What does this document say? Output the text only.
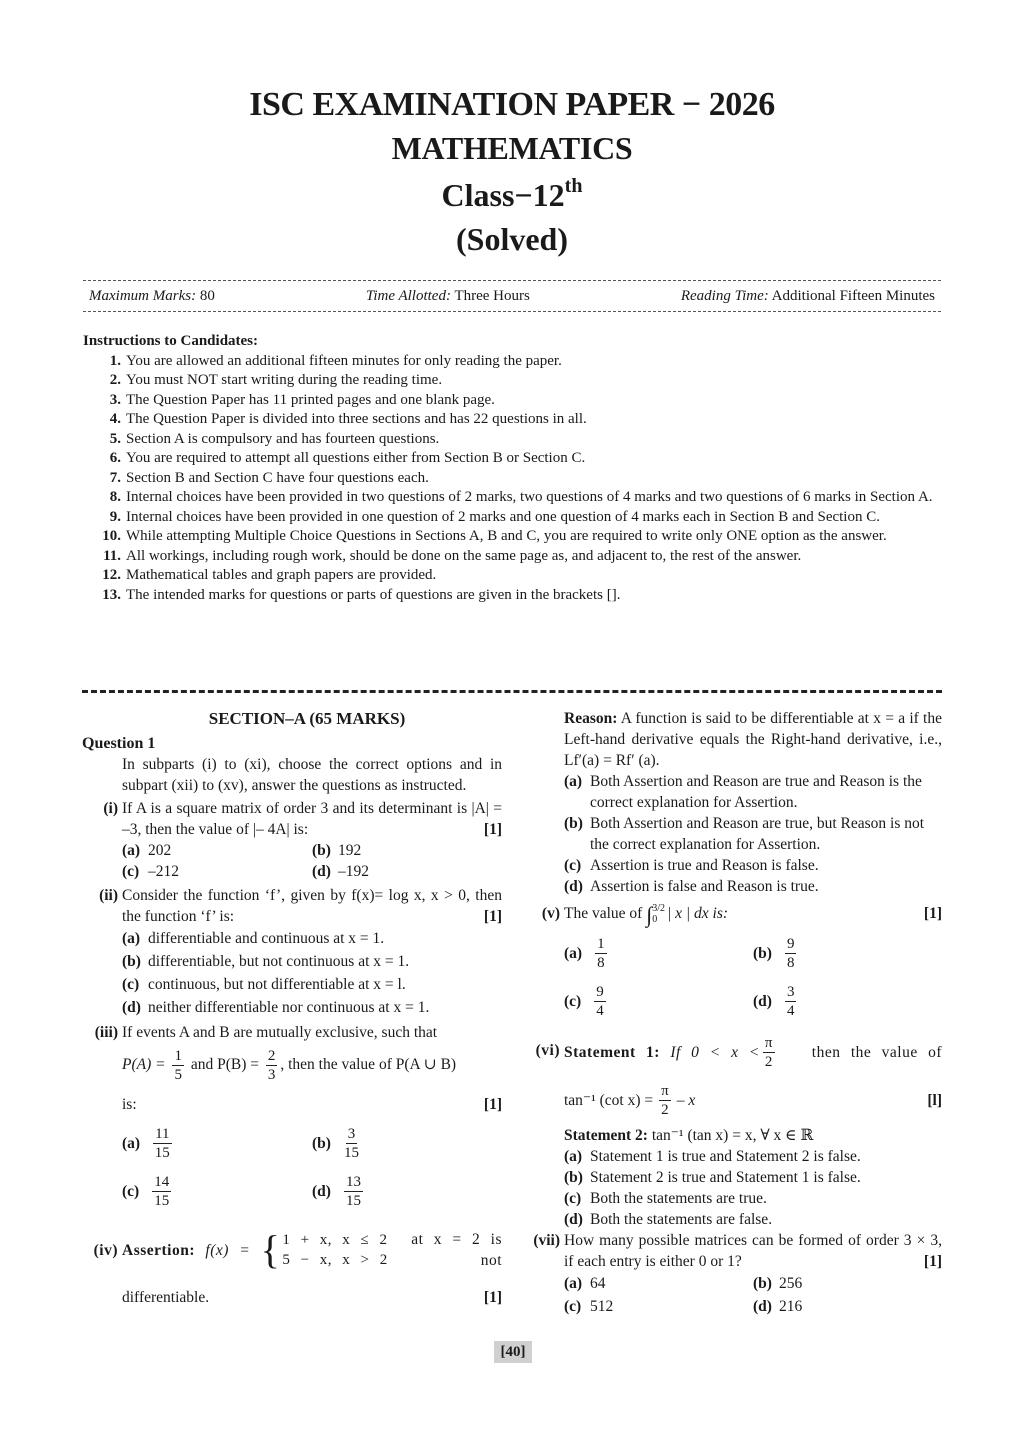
ISC EXAMINATION PAPER − 2026
MATHEMATICS
Class−12th
(Solved)
Maximum Marks: 80	Time Allotted: Three Hours	Reading Time: Additional Fifteen Minutes
Instructions to Candidates:
1. You are allowed an additional fifteen minutes for only reading the paper.
2. You must NOT start writing during the reading time.
3. The Question Paper has 11 printed pages and one blank page.
4. The Question Paper is divided into three sections and has 22 questions in all.
5. Section A is compulsory and has fourteen questions.
6. You are required to attempt all questions either from Section B or Section C.
7. Section B and Section C have four questions each.
8. Internal choices have been provided in two questions of 2 marks, two questions of 4 marks and two questions of 6 marks in Section A.
9. Internal choices have been provided in one question of 2 marks and one question of 4 marks each in Section B and Section C.
10. While attempting Multiple Choice Questions in Sections A, B and C, you are required to write only ONE option as the answer.
11. All workings, including rough work, should be done on the same page as, and adjacent to, the rest of the answer.
12. Mathematical tables and graph papers are provided.
13. The intended marks for questions or parts of questions are given in the brackets [].
SECTION–A (65 MARKS)
Question 1
In subparts (i) to (xi), choose the correct options and in subpart (xii) to (xv), answer the questions as instructed.
(i) If A is a square matrix of order 3 and its determinant is |A| = –3, then the value of |– 4A| is:	[1]
(a) 202	(b) 192
(c) –212	(d) –192
(ii) Consider the function ‘f’, given by f(x)= log x, x > 0, then the function ‘f’ is:	[1]
(a) differentiable and continuous at x = 1.
(b) differentiable, but not continuous at x = 1.
(c) continuous, but not differentiable at x = l.
(d) neither differentiable nor continuous at x = 1.
(iii) If events A and B are mutually exclusive, such that
$P(A) = \frac{1}{5}$ and $P(B) = \frac{2}{3}$ , then the value of P(A ∪ B)
is:	[1]
$(a) \frac{11}{15}$	$(b) \frac{3}{15}$
$(c) \frac{14}{15}$	$(d) \frac{13}{15}$
(iv) Assertion:
f(x) =
{ 1 + x, x ≤ 2
5 − x, x > 2

at x = 2 is not
differentiable.	[1]
Reason: A function is said to be differentiable at x = a if the Left-hand derivative equals the Right-hand derivative, i.e., Lf′(a) = Rf′ (a).
(a) Both Assertion and Reason are true and Reason is the correct explanation for Assertion.
(b) Both Assertion and Reason are true, but Reason is not the correct explanation for Assertion.
(c) Assertion is true and Reason is false.
(d) Assertion is false and Reason is true.
(v) The value of ∫ 3/2
0 | x | dx is:	[1]
$(a) \frac{1}{8}$	$(b) \frac{9}{8}$
$(c) \frac{9}{4}$	$(d) \frac{3}{4}$
(vi) Statement 1:
If $0 < x < \frac{\pi}{2}$	then the value of
tan⁻¹ (cot $x) = \frac{\pi}{2} - x$	[l]
Statement 2: tan⁻¹ (tan x) = x, ∀ x ∈ ℝ
(a) Statement 1 is true and Statement 2 is false.
(b) Statement 2 is true and Statement 1 is false.
(c) Both the statements are true.
(d) Both the statements are false.
(vii) How many possible matrices can be formed of order 3 × 3, if each entry is either 0 or 1?	[1]
(a) 64	(b) 256
(c) 512	(d) 216
[40]
